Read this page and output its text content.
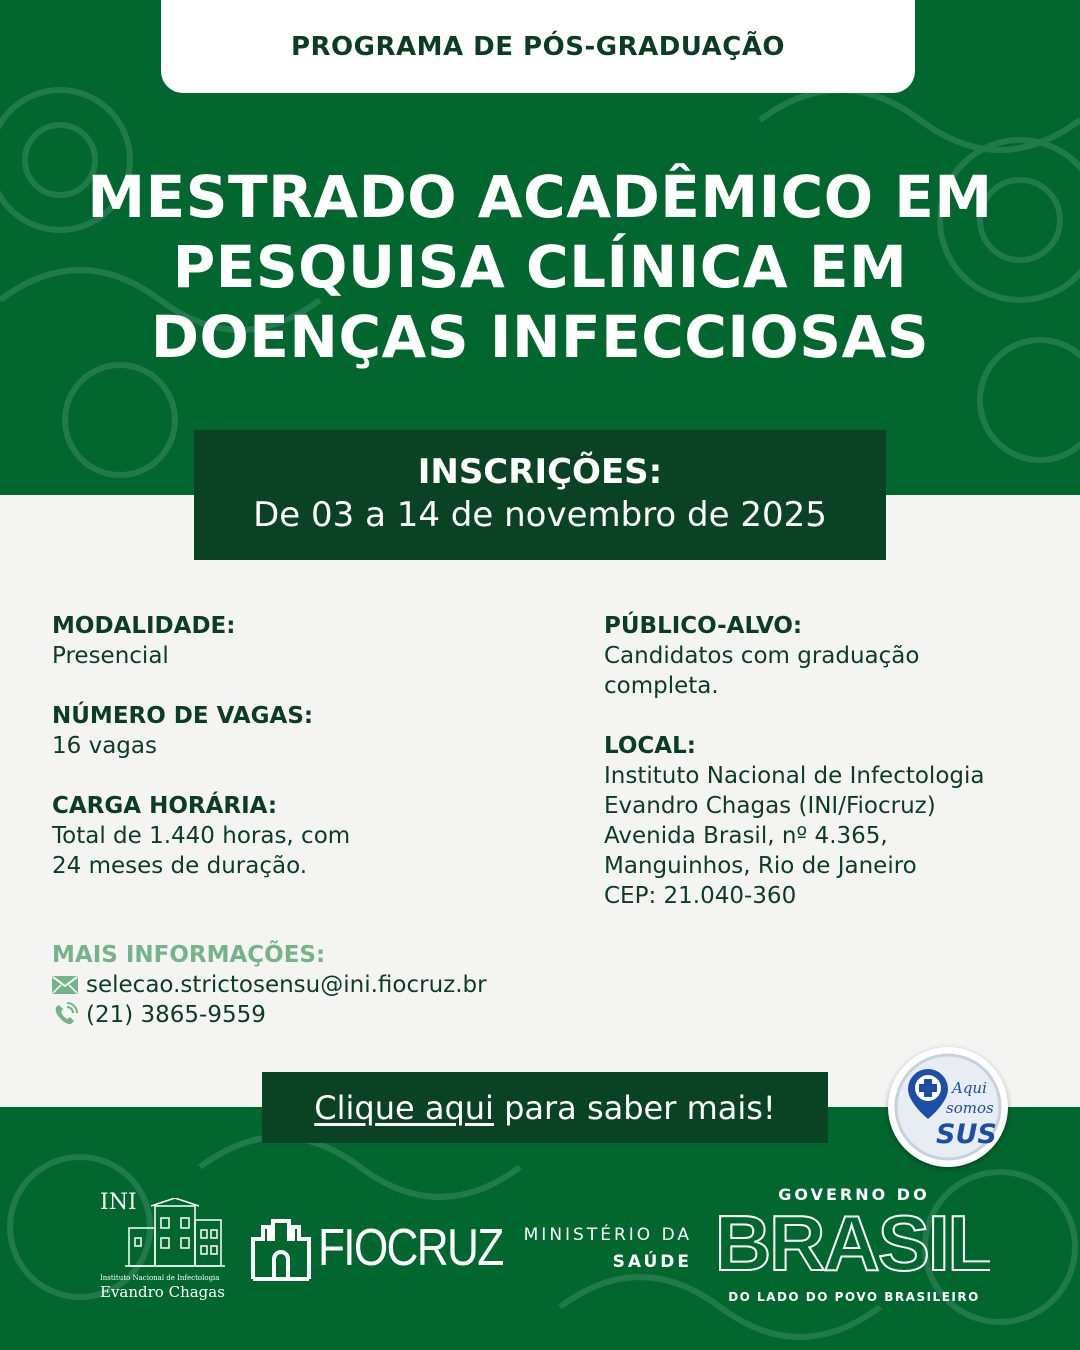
PROGRAMA DE PÓS-GRADUAÇÃO
MESTRADO ACADÊMICO EM
PESQUISA CLÍNICA EM
DOENÇAS INFECCIOSAS
INSCRIÇÕES:
De 03 a 14 de novembro de 2025
MODALIDADE:
Presencial
NÚMERO DE VAGAS:
16 vagas
CARGA HORÁRIA:
Total de 1.440 horas, com
24 meses de duração.
PÚBLICO-ALVO:
Candidatos com graduação
completa.
LOCAL:
Instituto Nacional de Infectologia
Evandro Chagas (INI/Fiocruz)
Avenida Brasil, nº 4.365,
Manguinhos, Rio de Janeiro
CEP: 21.040-360
MAIS INFORMAÇÕES:
selecao.strictosensu@ini.fiocruz.br
(21) 3865-9559
Clique aqui para saber mais!
Aqui
somos
SUS
INI
Instituto Nacional de Infectologia
Evandro Chagas
FIOCRUZ	MINISTÉRIO DA
SAÚDE
GOVERNO DO
BRASIL
DO LADO DO POVO BRASILEIRO
